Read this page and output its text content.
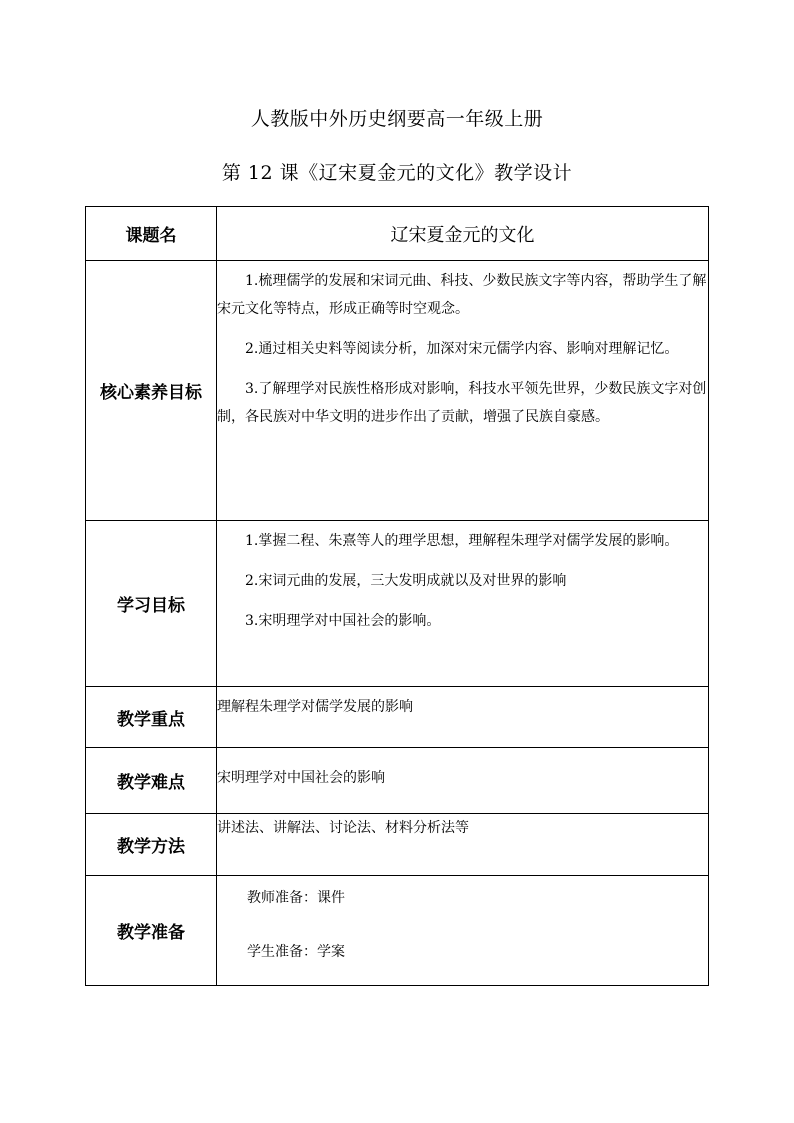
人教版中外历史纲要高一年级上册
第 12 课《辽宋夏金元的文化》教学设计
课题名	辽宋夏金元的文化
核心素养目标	1.梳理儒学的发展和宋词元曲、科技、少数民族文字等内容，帮助学生了解宋元文化等特点，形成正确等时空观念。

2.通过相关史料等阅读分析，加深对宋元儒学内容、影响对理解记忆。

3.了解理学对民族性格形成对影响，科技水平领先世界，少数民族文字对创制，各民族对中华文明的进步作出了贡献，增强了民族自豪感。

学习目标	1.掌握二程、朱熹等人的理学思想，理解程朱理学对儒学发展的影响。

2.宋词元曲的发展，三大发明成就以及对世界的影响

3.宋明理学对中国社会的影响。

教学重点	理解程朱理学对儒学发展的影响
教学难点	宋明理学对中国社会的影响
教学方法	讲述法、讲解法、讨论法、材料分析法等
教学准备	教师准备：课件

学生准备：学案
